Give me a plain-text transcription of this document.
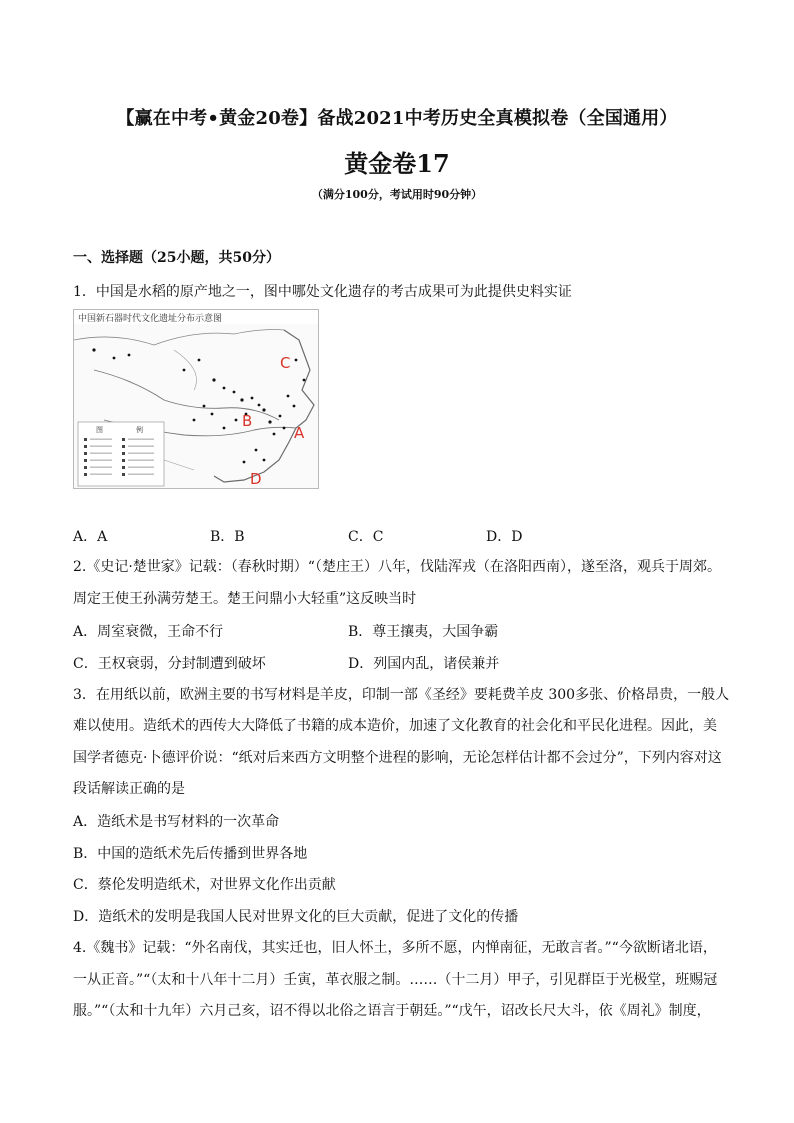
【赢在中考•黄金20卷】备战2021中考历史全真模拟卷（全国通用）
黄金卷17
（满分100分，考试用时90分钟）
一、选择题（25小题，共50分）
1．中国是水稻的原产地之一，图中哪处文化遗存的考古成果可为此提供史料实证
中国新石器时代文化遗址分布示意图
图	例
C
B
A
D
A．A	B．B	C．C	D．D
2.《史记·楚世家》记载：（春秋时期）“（楚庄王）八年，伐陆浑戎（在洛阳西南），遂至洛，观兵于周郊。
周定王使王孙满劳楚王。楚王问鼎小大轻重”这反映当时
A．周室衰微，王命不行	B．尊王攘夷，大国争霸
C．王权衰弱，分封制遭到破坏	D．列国内乱，诸侯兼并
3．在用纸以前，欧洲主要的书写材料是羊皮，印制一部《圣经》要耗费羊皮 300多张、价格昂贵，一般人
难以使用。造纸术的西传大大降低了书籍的成本造价，加速了文化教育的社会化和平民化进程。因此，美
国学者德克·卜德评价说：“纸对后来西方文明整个进程的影响，无论怎样估计都不会过分”，下列内容对这
段话解读正确的是
A．造纸术是书写材料的一次革命
B．中国的造纸术先后传播到世界各地
C．蔡伦发明造纸术，对世界文化作出贡献
D．造纸术的发明是我国人民对世界文化的巨大贡献，促进了文化的传播
4.《魏书》记载：“外名南伐，其实迁也，旧人怀土，多所不愿，内惮南征，无敢言者。”“今欲断诸北语，
一从正音。”“（太和十八年十二月）壬寅，革衣服之制。……（十二月）甲子，引见群臣于光极堂，班赐冠
服。”“（太和十九年）六月己亥，诏不得以北俗之语言于朝廷。”“戊午，诏改长尺大斗，依《周礼》制度，
